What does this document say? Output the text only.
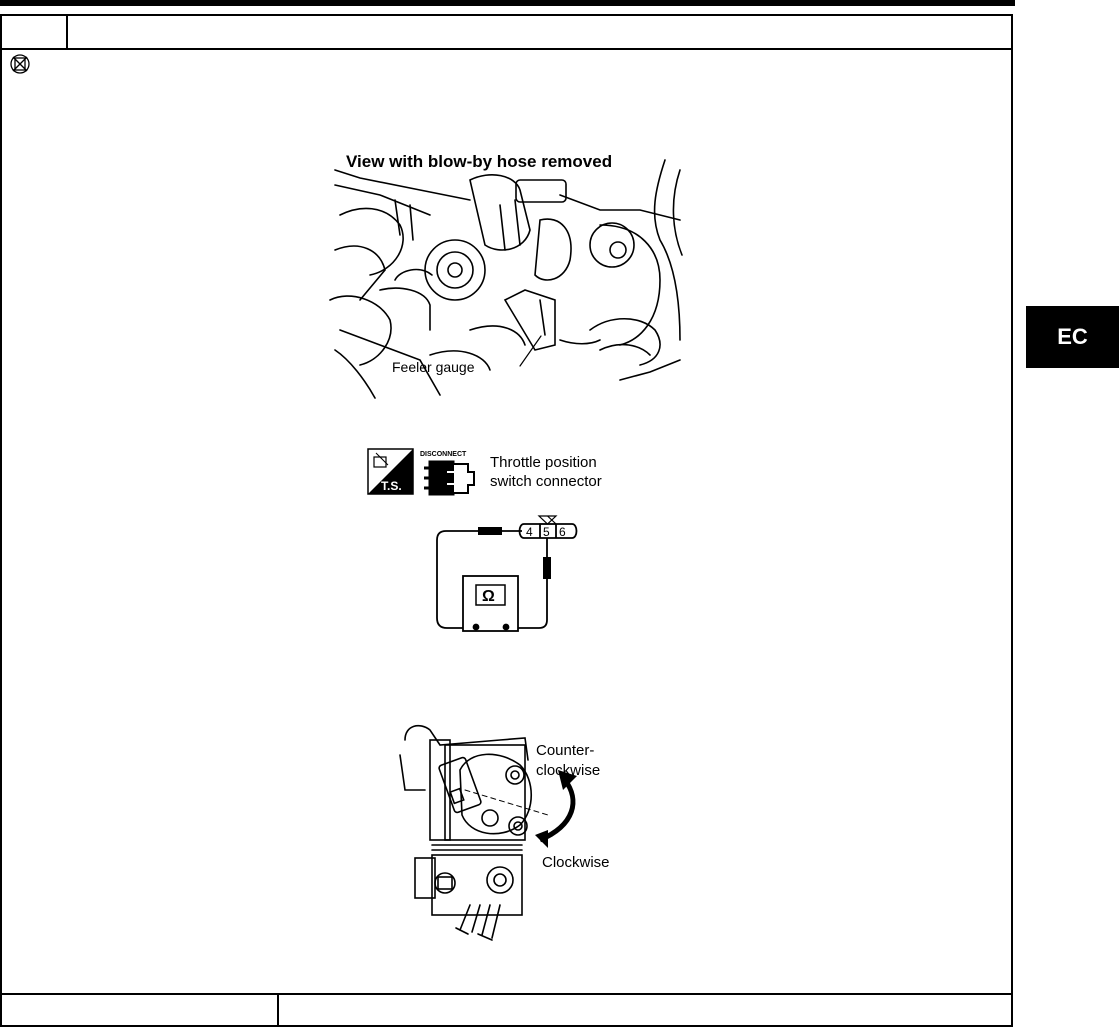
EC
View with blow-by hose removed
Feeler gauge
T.S.
DISCONNECT Throttle position
switch connector
4 5 6
Ω
Counter-
clockwise
Clockwise
